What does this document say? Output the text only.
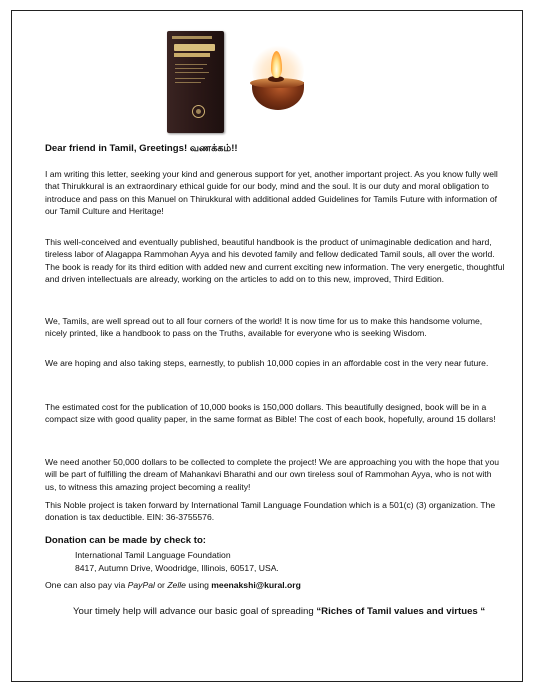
Dear friend in Tamil, Greetings! வணக்கம்!!

I am writing this letter, seeking your kind and generous support for yet, another important project. As you know fully well that Thirukkural is an extraordinary ethical guide for our body, mind and the soul. It is our duty and moral obligation to introduce and pass on this Manuel on Thirukkural with additional added Guidelines for Tamils Future with information of our Tamil Culture and Heritage!

This well-conceived and eventually published, beautiful handbook is the product of unimaginable dedication and hard, tireless labor of Alagappa Rammohan Ayya and his devoted family and fellow dedicated Tamil souls, all over the world. The book is ready for its third edition with added new and current exciting new information. The very energetic, thoughtful and driven intellectuals are already, working on the articles to add on to this new, improved, Third Edition.

We, Tamils, are well spread out to all four corners of the world! It is now time for us to make this handsome volume, nicely printed, like a handbook to pass on the Truths, available for everyone who is seeking Wisdom.

We are hoping and also taking steps, earnestly, to publish 10,000 copies in an affordable cost in the very near future.

The estimated cost for the publication of 10,000 books is 150,000 dollars. This beautifully designed, book will be in a compact size with good quality paper, in the same format as Bible! The cost of each book, hopefully, around 15 dollars!

We need another 50,000 dollars to be collected to complete the project! We are approaching you with the hope that you will be part of fulfilling the dream of Mahankavi Bharathi and our own tireless soul of Rammohan Ayya, who is not with us, to witness this amazing project becoming a reality!

This Noble project is taken forward by International Tamil Language Foundation which is a 501(c) (3) organization. The donation is tax deductible. EIN: 36-3755576.

Donation can be made by check to:
International Tamil Language Foundation
8417, Autumn Drive, Woodridge, Illinois, 60517, USA.
One can also pay via PayPal or Zelle using meenakshi@kural.org
Your timely help will advance our basic goal of spreading “Riches of Tamil values and virtues “
